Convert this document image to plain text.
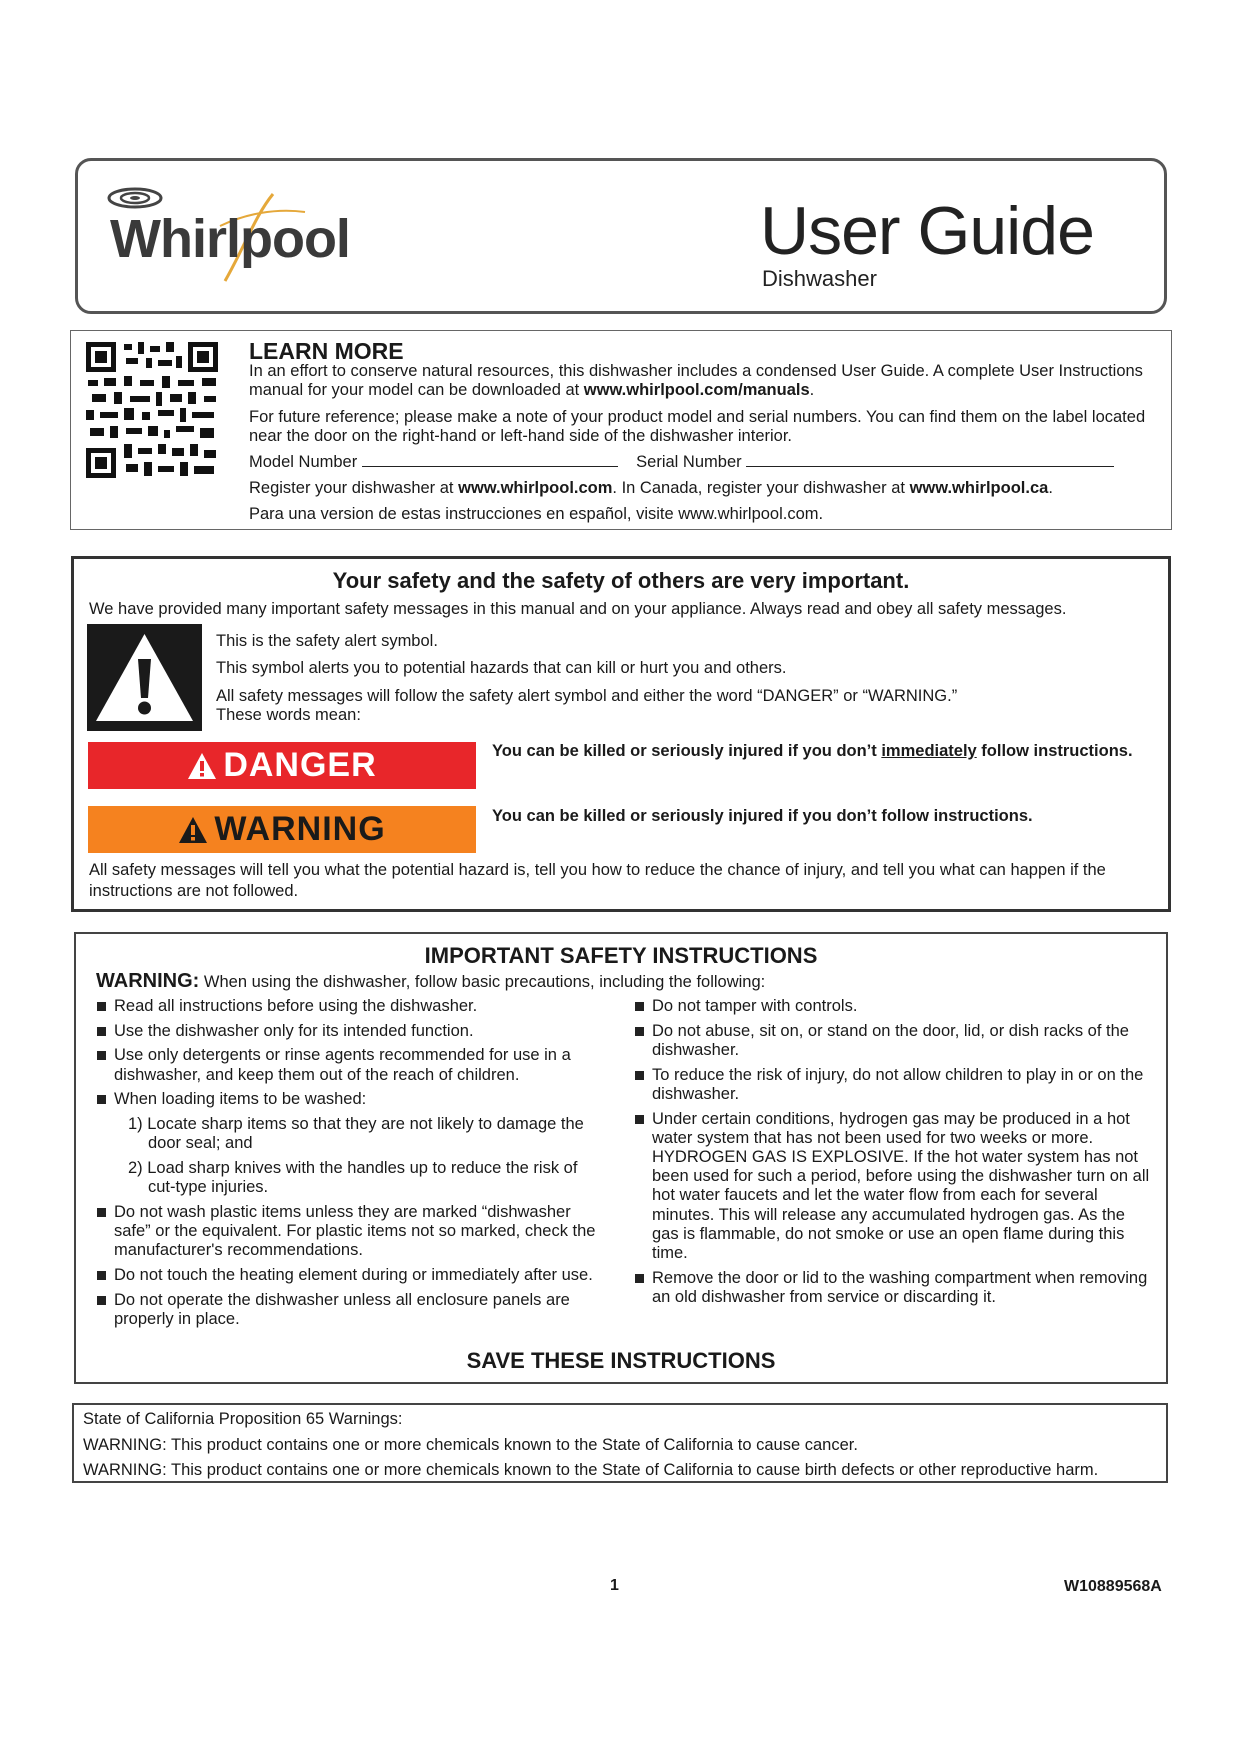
Whirlpool	User Guide
Dishwasher
LEARN MORE
In an effort to conserve natural resources, this dishwasher includes a condensed User Guide. A complete User Instructions manual for your model can be downloaded at www.whirlpool.com/manuals.
For future reference; please make a note of your product model and serial numbers. You can find them on the label located near the door on the right-hand or left-hand side of the dishwasher interior.
Model Number	Serial Number
Register your dishwasher at www.whirlpool.com. In Canada, register your dishwasher at www.whirlpool.ca.
Para una version de estas instrucciones en español, visite www.whirlpool.com.
Your safety and the safety of others are very important.
We have provided many important safety messages in this manual and on your appliance. Always read and obey all safety messages.
This is the safety alert symbol.
This symbol alerts you to potential hazards that can kill or hurt you and others.
All safety messages will follow the safety alert symbol and either the word “DANGER” or “WARNING.”
These words mean:
DANGER	You can be killed or seriously injured if you don’t immediately follow instructions.
WARNING	You can be killed or seriously injured if you don’t follow instructions.
All safety messages will tell you what the potential hazard is, tell you how to reduce the chance of injury, and tell you what can happen if the instructions are not followed.
IMPORTANT SAFETY INSTRUCTIONS
WARNING: When using the dishwasher, follow basic precautions, including the following:
Read all instructions before using the dishwasher.
Use the dishwasher only for its intended function.
Use only detergents or rinse agents recommended for use in a dishwasher, and keep them out of the reach of children.
When loading items to be washed:
1) Locate sharp items so that they are not likely to damage the door seal; and
2) Load sharp knives with the handles up to reduce the risk of cut-type injuries.
Do not wash plastic items unless they are marked “dishwasher safe” or the equivalent. For plastic items not so marked, check the manufacturer's recommendations.
Do not touch the heating element during or immediately after use.
Do not operate the dishwasher unless all enclosure panels are properly in place.
Do not tamper with controls.
Do not abuse, sit on, or stand on the door, lid, or dish racks of the dishwasher.
To reduce the risk of injury, do not allow children to play in or on the dishwasher.
Under certain conditions, hydrogen gas may be produced in a hot water system that has not been used for two weeks or more. HYDROGEN GAS IS EXPLOSIVE. If the hot water system has not been used for such a period, before using the dishwasher turn on all hot water faucets and let the water flow from each for several minutes. This will release any accumulated hydrogen gas. As the gas is flammable, do not smoke or use an open flame during this time.
Remove the door or lid to the washing compartment when removing an old dishwasher from service or discarding it.
SAVE THESE INSTRUCTIONS
State of California Proposition 65 Warnings:
WARNING: This product contains one or more chemicals known to the State of California to cause cancer.
WARNING: This product contains one or more chemicals known to the State of California to cause birth defects or other reproductive harm.
1	W10889568A
